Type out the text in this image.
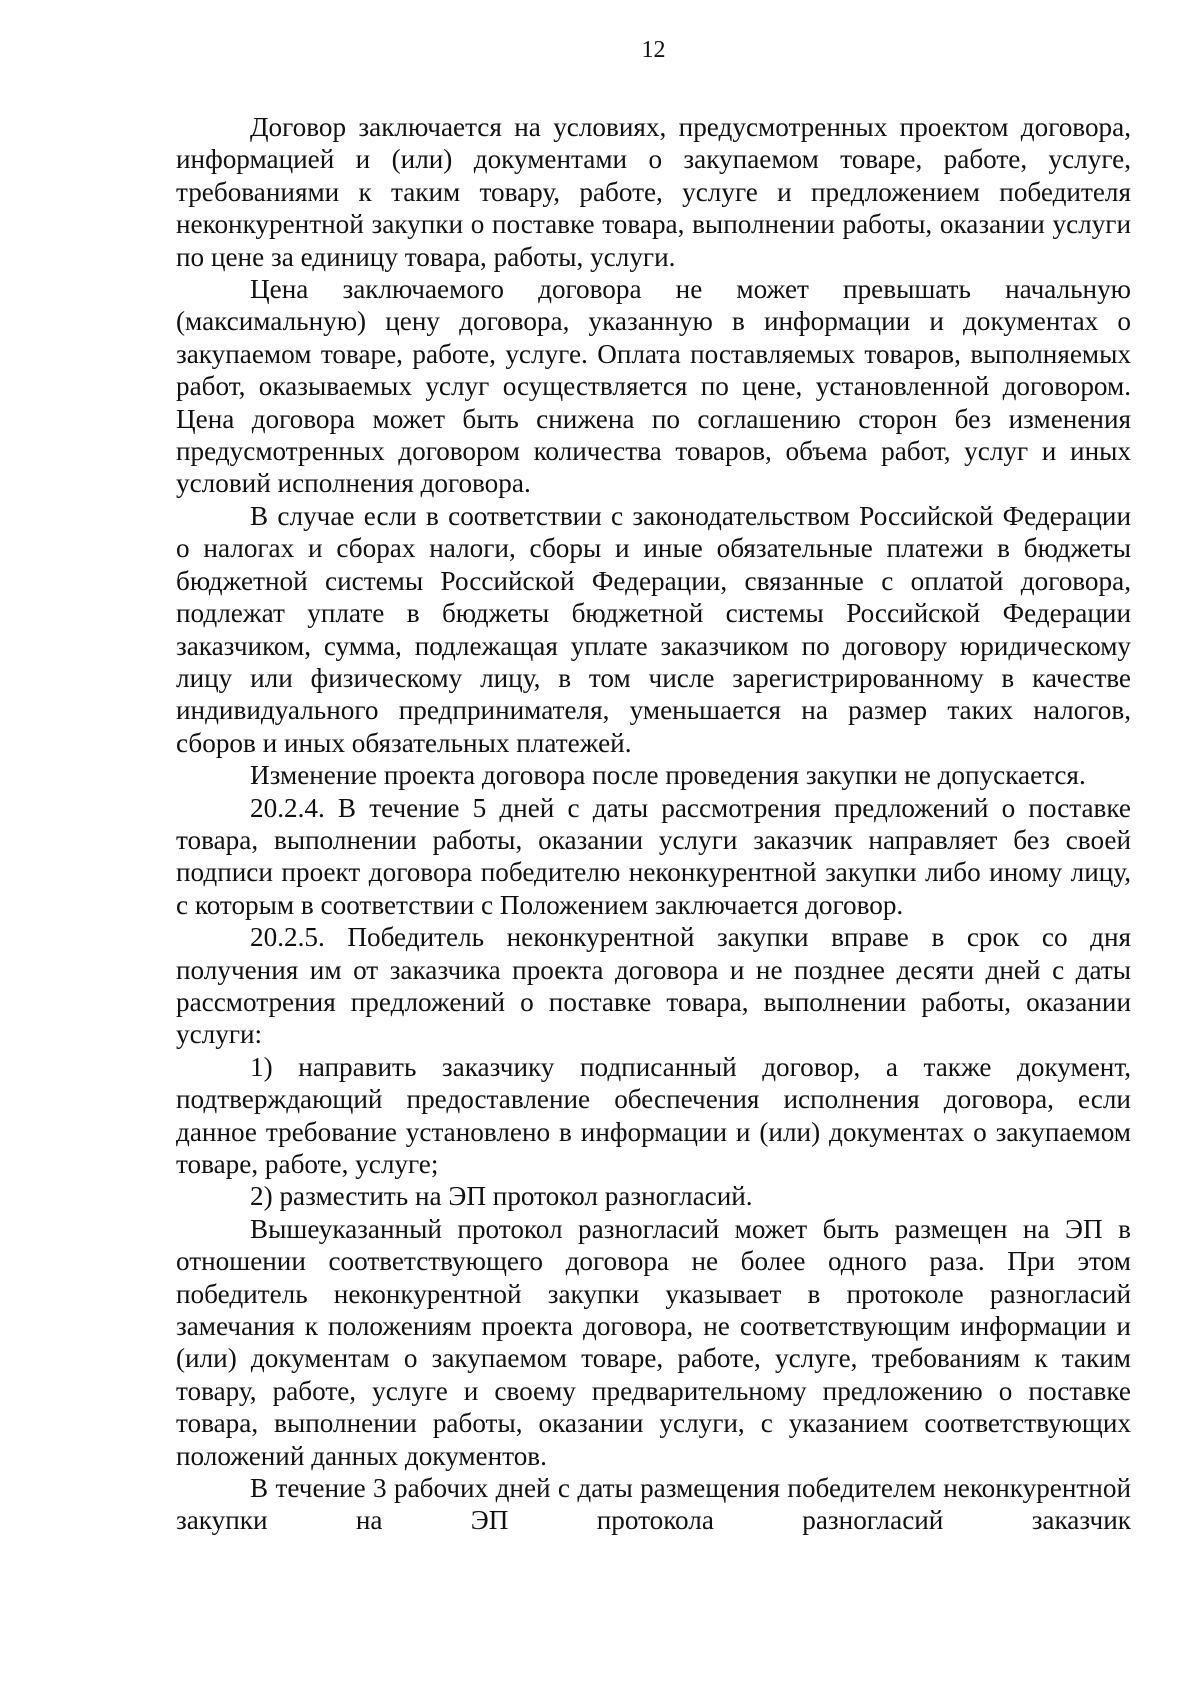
12

Договор заключается на условиях, предусмотренных проектом договора, информацией и (или) документами о закупаемом товаре, работе, услуге, требованиями к таким товару, работе, услуге и предложением победителя неконкурентной закупки о поставке товара, выполнении работы, оказании услуги по цене за единицу товара, работы, услуги.

Цена заключаемого договора не может превышать начальную (максимальную) цену договора, указанную в информации и документах о закупаемом товаре, работе, услуге. Оплата поставляемых товаров, выполняемых работ, оказываемых услуг осуществляется по цене, установленной договором. Цена договора может быть снижена по соглашению сторон без изменения предусмотренных договором количества товаров, объема работ, услуг и иных условий исполнения договора.

В случае если в соответствии с законодательством Российской Федерации о налогах и сборах налоги, сборы и иные обязательные платежи в бюджеты бюджетной системы Российской Федерации, связанные с оплатой договора, подлежат уплате в бюджеты бюджетной системы Российской Федерации заказчиком, сумма, подлежащая уплате заказчиком по договору юридическому лицу или физическому лицу, в том числе зарегистрированному в качестве индивидуального предпринимателя, уменьшается на размер таких налогов, сборов и иных обязательных платежей.

Изменение проекта договора после проведения закупки не допускается.

20.2.4. В течение 5 дней с даты рассмотрения предложений о поставке товара, выполнении работы, оказании услуги заказчик направляет без своей подписи проект договора победителю неконкурентной закупки либо иному лицу, с которым в соответствии с Положением заключается договор.

20.2.5. Победитель неконкурентной закупки вправе в срок со дня получения им от заказчика проекта договора и не позднее десяти дней с даты рассмотрения предложений о поставке товара, выполнении работы, оказании услуги:

1) направить заказчику подписанный договор, а также документ, подтверждающий предоставление обеспечения исполнения договора, если данное требование установлено в информации и (или) документах о закупаемом товаре, работе, услуге;

2) разместить на ЭП протокол разногласий.

Вышеуказанный протокол разногласий может быть размещен на ЭП в отношении соответствующего договора не более одного раза. При этом победитель неконкурентной закупки указывает в протоколе разногласий замечания к положениям проекта договора, не соответствующим информации и (или) документам о закупаемом товаре, работе, услуге, требованиям к таким товару, работе, услуге и своему предварительному предложению о поставке товара, выполнении работы, оказании услуги, с указанием соответствующих положений данных документов.

В течение 3 рабочих дней с даты размещения победителем неконкурентной закупки на ЭП протокола разногласий заказчик
